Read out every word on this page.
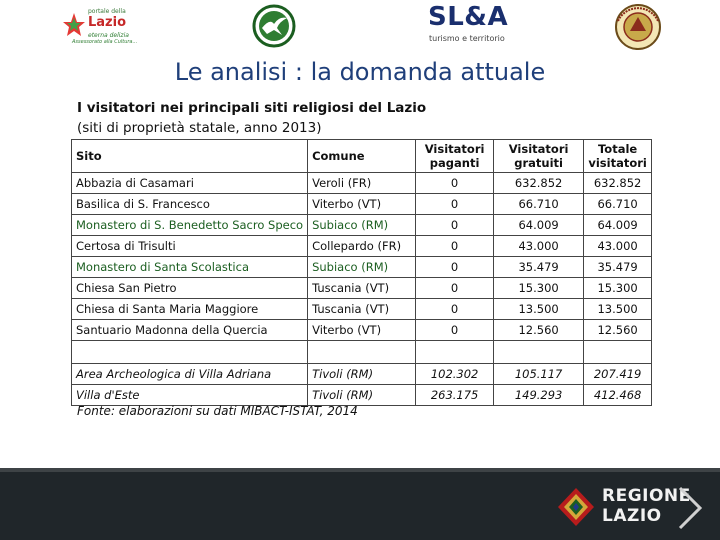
portale della
Lazio
eterna delizia
Assessorato alla Cultura...
SL&A
turismo e territorio
Le analisi : la domanda attuale
I visitatori nei principali siti religiosi del Lazio
(siti di proprietà statale, anno 2013)
Sito	Comune	Visitatori paganti	Visitatori gratuiti	Totale visitatori
Abbazia di Casamari	Veroli (FR)	0	632.852	632.852
Basilica di S. Francesco	Viterbo (VT)	0	66.710	66.710
Monastero di S. Benedetto Sacro Speco	Subiaco (RM)	0	64.009	64.009
Certosa di Trisulti	Collepardo (FR)	0	43.000	43.000
Monastero di Santa Scolastica	Subiaco (RM)	0	35.479	35.479
Chiesa San Pietro	Tuscania (VT)	0	15.300	15.300
Chiesa di Santa Maria Maggiore	Tuscania (VT)	0	13.500	13.500
Santuario Madonna della Quercia	Viterbo (VT)	0	12.560	12.560

Area Archeologica di Villa Adriana	Tivoli (RM)	102.302	105.117	207.419
Villa d'Este	Tivoli (RM)	263.175	149.293	412.468
Fonte: elaborazioni su dati MIBACT-ISTAT, 2014
REGIONE
LAZIO
